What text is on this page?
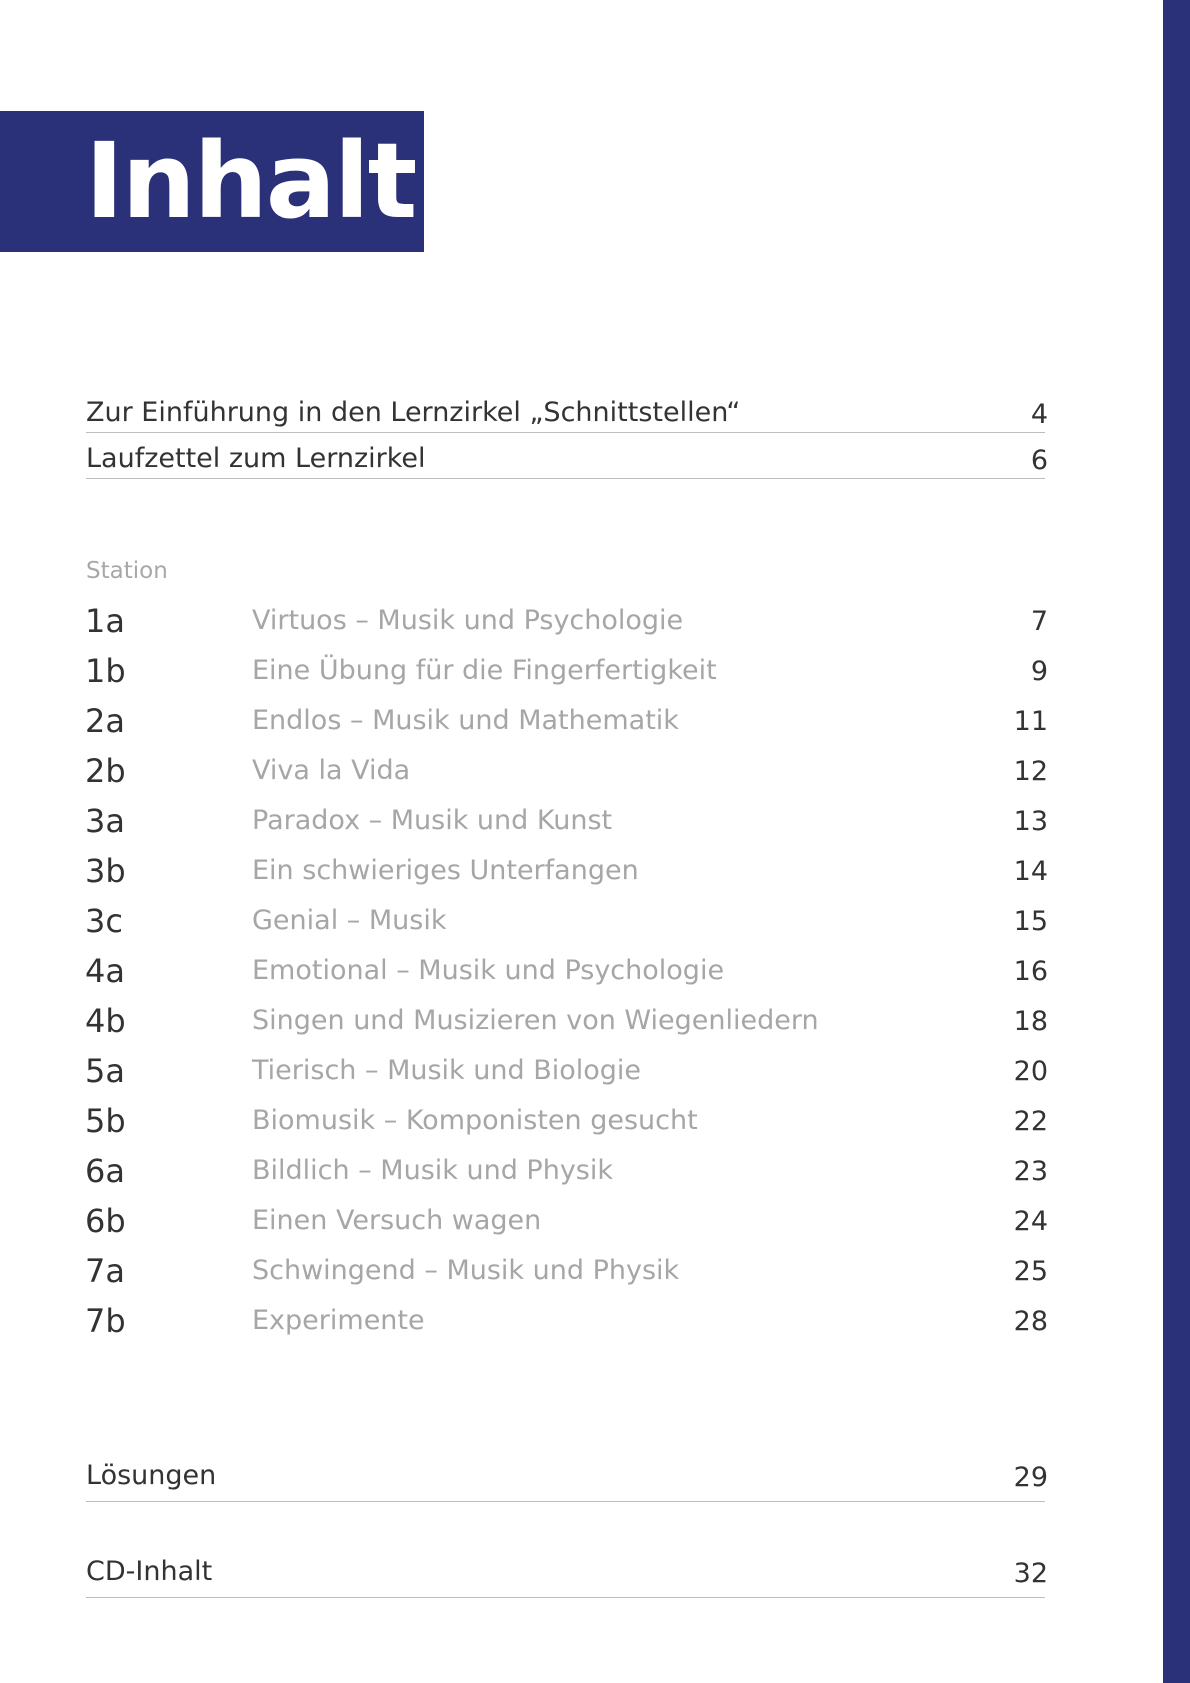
Inhalt
Zur Einführung in den Lernzirkel „Schnittstellen“	4
Laufzettel zum Lernzirkel	6
Station
1a	Virtuos – Musik und Psychologie	7
1b	Eine Übung für die Fingerfertigkeit	9
2a	Endlos – Musik und Mathematik	11
2b	Viva la Vida	12
3a	Paradox – Musik und Kunst	13
3b	Ein schwieriges Unterfangen	14
3c	Genial – Musik	15
4a	Emotional – Musik und Psychologie	16
4b	Singen und Musizieren von Wiegenliedern	18
5a	Tierisch – Musik und Biologie	20
5b	Biomusik – Komponisten gesucht	22
6a	Bildlich – Musik und Physik	23
6b	Einen Versuch wagen	24
7a	Schwingend – Musik und Physik	25
7b	Experimente	28
Lösungen	29
CD-Inhalt	32
